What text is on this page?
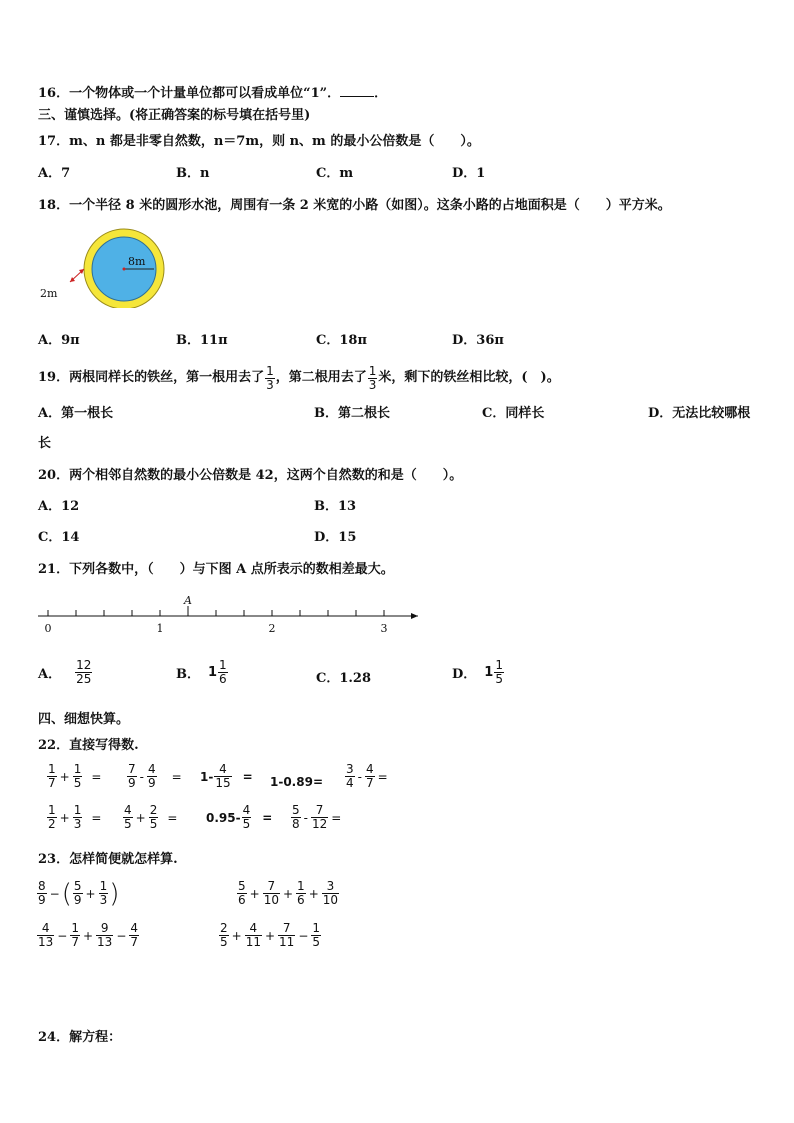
16．一个物体或一个计量单位都可以看成单位“1”．	．
三、谨慎选择。(将正确答案的标号填在括号里)
17．m、n 都是非零自然数，n＝7m，则 n、m 的最小公倍数是（　　）。
A．7	B．n	C．m	D．1
18．一个半径 8 米的圆形水池，周围有一条 2 米宽的小路（如图）。这条小路的占地面积是（　　）平方米。
8m
2m
A．9π	B．11π	C．18π	D．36π
19．两根同样长的铁丝，第一根用去了 $\frac{1}{3}$ ，第二根用去了 $\frac{1}{3}$ 米，剩下的铁丝相比较，(　)。
A．第一根长	B．第二根长	C．同样长	D．无法比较哪根
长
20．两个相邻自然数的最小公倍数是 42，这两个自然数的和是（　　）。
A．12	B．13
C．14	D．15
21．下列各数中，（　　）与下图 A 点所表示的数相差最大。
0	1	2	3
A
A． $\frac{12}{25}$	B． $1 \frac{1}{6}$	C．1.28	D． $1 \frac{1}{5}$
四、细想快算。
22．直接写得数.
$\frac{1}{7} + \frac{1}{5} = \frac{7}{9} - \frac{4}{9} = 1- \frac{4}{15} = 1-0.89= \frac{3}{4} - \frac{4}{7}$ =
$\frac{1}{2} + \frac{1}{3} = \frac{4}{5} + \frac{2}{5} = 0.95- \frac{4}{5} = \frac{5}{8} - \frac{7}{12}$ =
23．怎样简便就怎样算.
$\frac{8}{9}$ − ( $\frac{5}{9} + \frac{1}{3}$ )	$\frac{5}{6} + \frac{7}{10} + \frac{1}{6} + \frac{3}{10}$
$\frac{4}{13} - \frac{1}{7} + \frac{9}{13} - \frac{4}{7}$	$\frac{2}{5} + \frac{4}{11} + \frac{7}{11} - \frac{1}{5}$
24．解方程：
